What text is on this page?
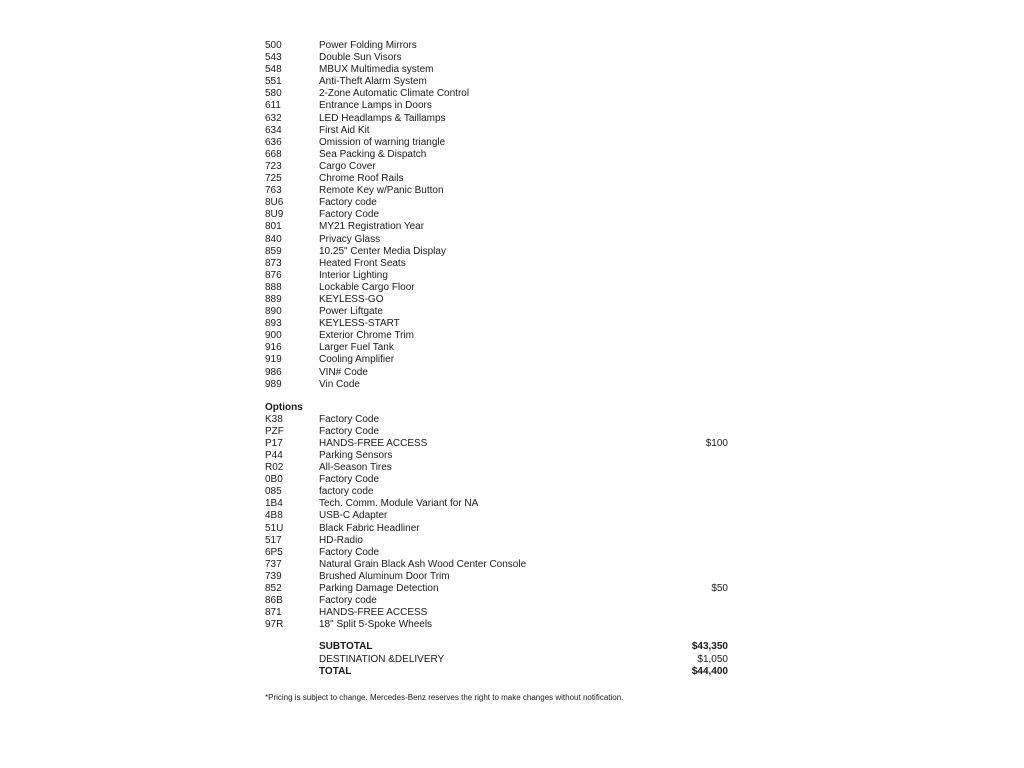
500	Power Folding Mirrors
543	Double Sun Visors
548	MBUX Multimedia system
551	Anti-Theft Alarm System
580	2-Zone Automatic Climate Control
611	Entrance Lamps in Doors
632	LED Headlamps & Taillamps
634	First Aid Kit
636	Omission of warning triangle
668	Sea Packing & Dispatch
723	Cargo Cover
725	Chrome Roof Rails
763	Remote Key w/Panic Button
8U6	Factory code
8U9	Factory Code
801	MY21 Registration Year
840	Privacy Glass
859	10.25" Center Media Display
873	Heated Front Seats
876	Interior Lighting
888	Lockable Cargo Floor
889	KEYLESS-GO
890	Power Liftgate
893	KEYLESS-START
900	Exterior Chrome Trim
916	Larger Fuel Tank
919	Cooling Amplifier
986	VIN# Code
989	Vin Code
Options
K38	Factory Code
PZF	Factory Code
P17	HANDS-FREE ACCESS	$100
P44	Parking Sensors
R02	All-Season Tires
0B0	Factory Code
085	factory code
1B4	Tech. Comm. Module Variant for NA
4B8	USB-C Adapter
51U	Black Fabric Headliner
517	HD-Radio
6P5	Factory Code
737	Natural Grain Black Ash Wood Center Console
739	Brushed Aluminum Door Trim
852	Parking Damage Detection	$50
86B	Factory code
871	HANDS-FREE ACCESS
97R	18" Split 5-Spoke Wheels
SUBTOTAL	$43,350
DESTINATION &DELIVERY	$1,050
TOTAL	$44,400
*Pricing is subject to change. Mercedes-Benz reserves the right to make changes without notification.
